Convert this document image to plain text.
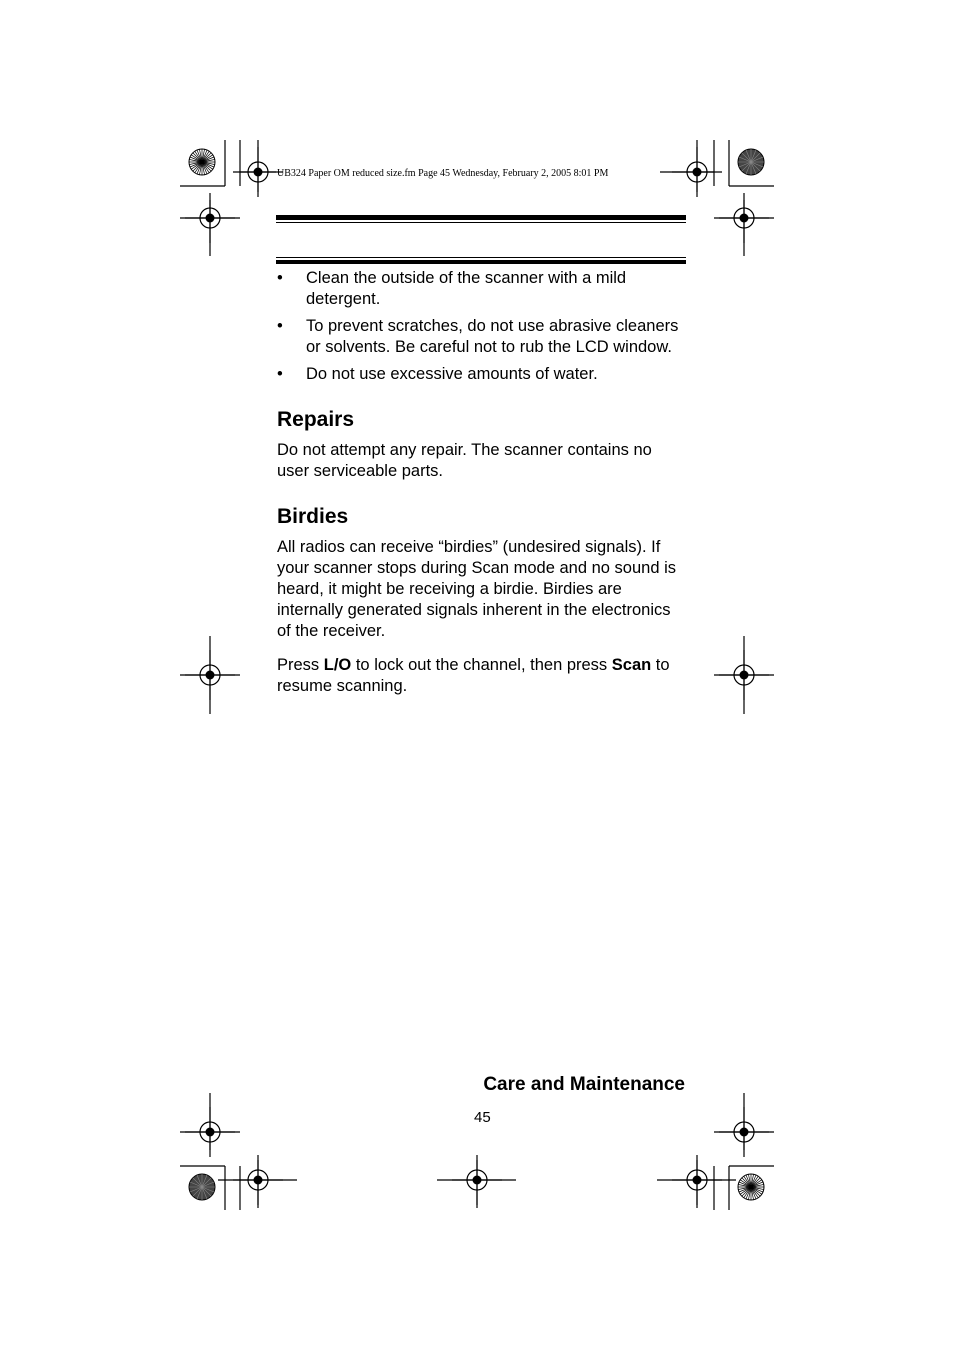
UB324 Paper OM reduced size.fm Page 45 Wednesday, February 2, 2005 8:01 PM
• Clean the outside of the scanner with a mild detergent.
• To prevent scratches, do not use abrasive cleaners or solvents. Be careful not to rub the LCD window.
• Do not use excessive amounts of water.
Repairs

Do not attempt any repair. The scanner contains no user serviceable parts.

Birdies

All radios can receive “birdies” (undesired signals). If your scanner stops during Scan mode and no sound is heard, it might be receiving a birdie. Birdies are internally generated signals inherent in the electronics of the receiver.

Press L/O to lock out the channel, then press Scan to resume scanning.

Care and Maintenance
45
